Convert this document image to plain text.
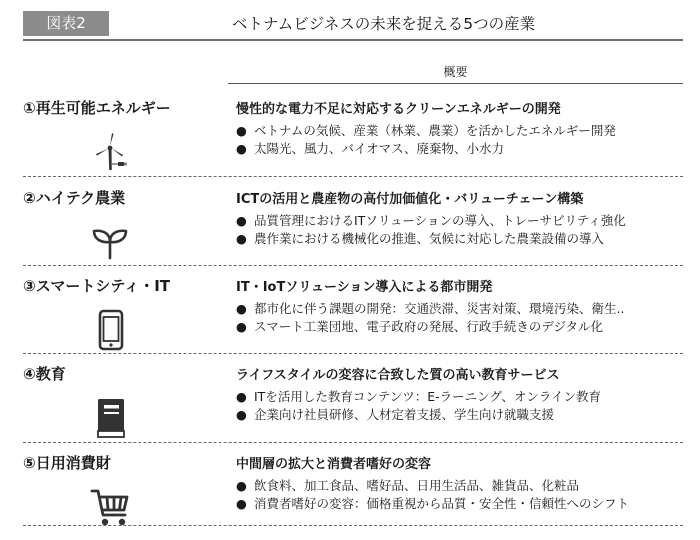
図表2	ベトナムビジネスの未来を捉える5つの産業
概要
①再生可能エネルギー	慢性的な電力不足に対応するクリーンエネルギーの開発
● ベトナムの気候、産業（林業、農業）を活かしたエネルギー開発
● 太陽光、風力、バイオマス、廃棄物、小水力
②ハイテク農業	ICTの活用と農産物の高付加価値化・バリューチェーン構築
● 品質管理におけるITソリューションの導入、トレーサビリティ強化
● 農作業における機械化の推進、気候に対応した農業設備の導入
③スマートシティ・IT	IT・IoTソリューション導入による都市開発
● 都市化に伴う課題の開発：交通渋滞、災害対策、環境汚染、衛生..
● スマート工業団地、電子政府の発展、行政手続きのデジタル化
④教育	ライフスタイルの変容に合致した質の高い教育サービス
● ITを活用した教育コンテンツ：E-ラーニング、オンライン教育
● 企業向け社員研修、人材定着支援、学生向け就職支援
⑤日用消費財	中間層の拡大と消費者嗜好の変容
● 飲食料、加工食品、嗜好品、日用生活品、雑貨品、化粧品
● 消費者嗜好の変容：価格重視から品質・安全性・信頼性へのシフト
